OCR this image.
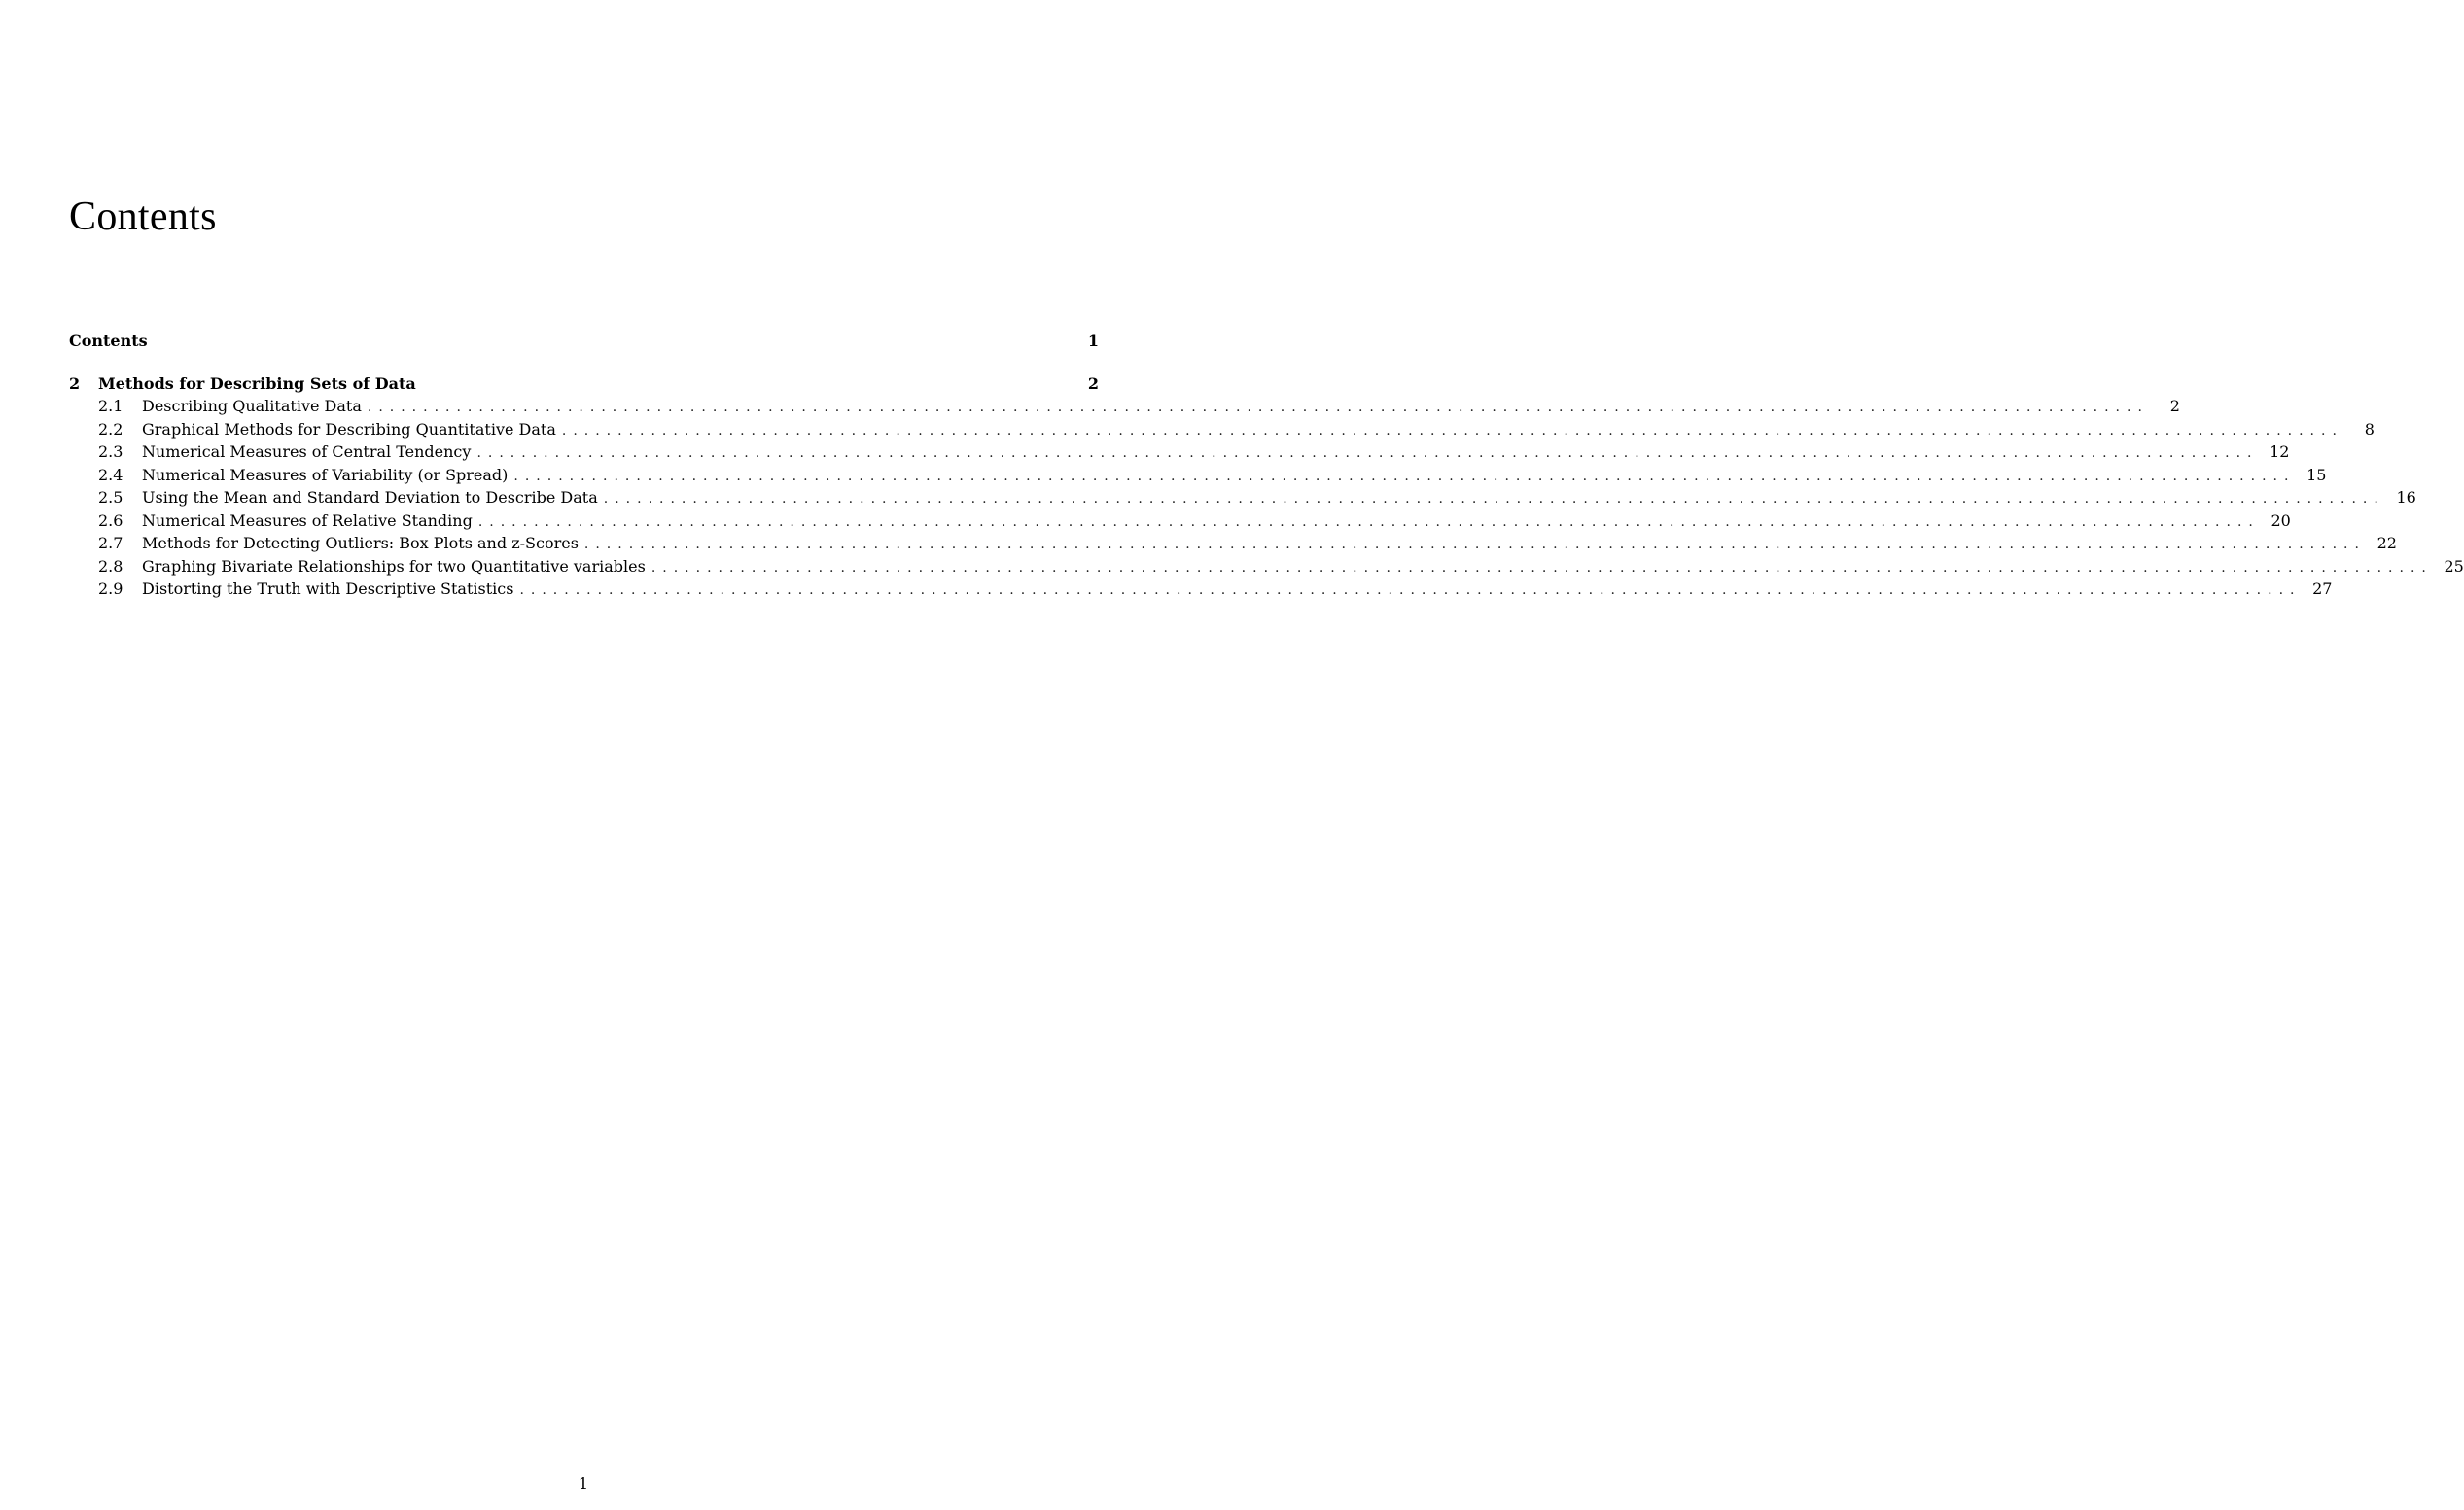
Contents
Contents	1
2	Methods for Describing Sets of Data	2
2.1	Describing Qualitative Data ................................................................................................................................................................	2
2.2	Graphical Methods for Describing Quantitative Data ................................................................................................................................................................	8
2.3	Numerical Measures of Central Tendency ................................................................................................................................................................ 12
2.4	Numerical Measures of Variability (or Spread) ................................................................................................................................................................ 15
2.5	Using the Mean and Standard Deviation to Describe Data ................................................................................................................................................................ 16
2.6	Numerical Measures of Relative Standing ................................................................................................................................................................ 20
2.7	Methods for Detecting Outliers: Box Plots and z-Scores ................................................................................................................................................................ 22
2.8	Graphing Bivariate Relationships for two Quantitative variables ................................................................................................................................................................ 25
2.9	Distorting the Truth with Descriptive Statistics ................................................................................................................................................................ 27
1
